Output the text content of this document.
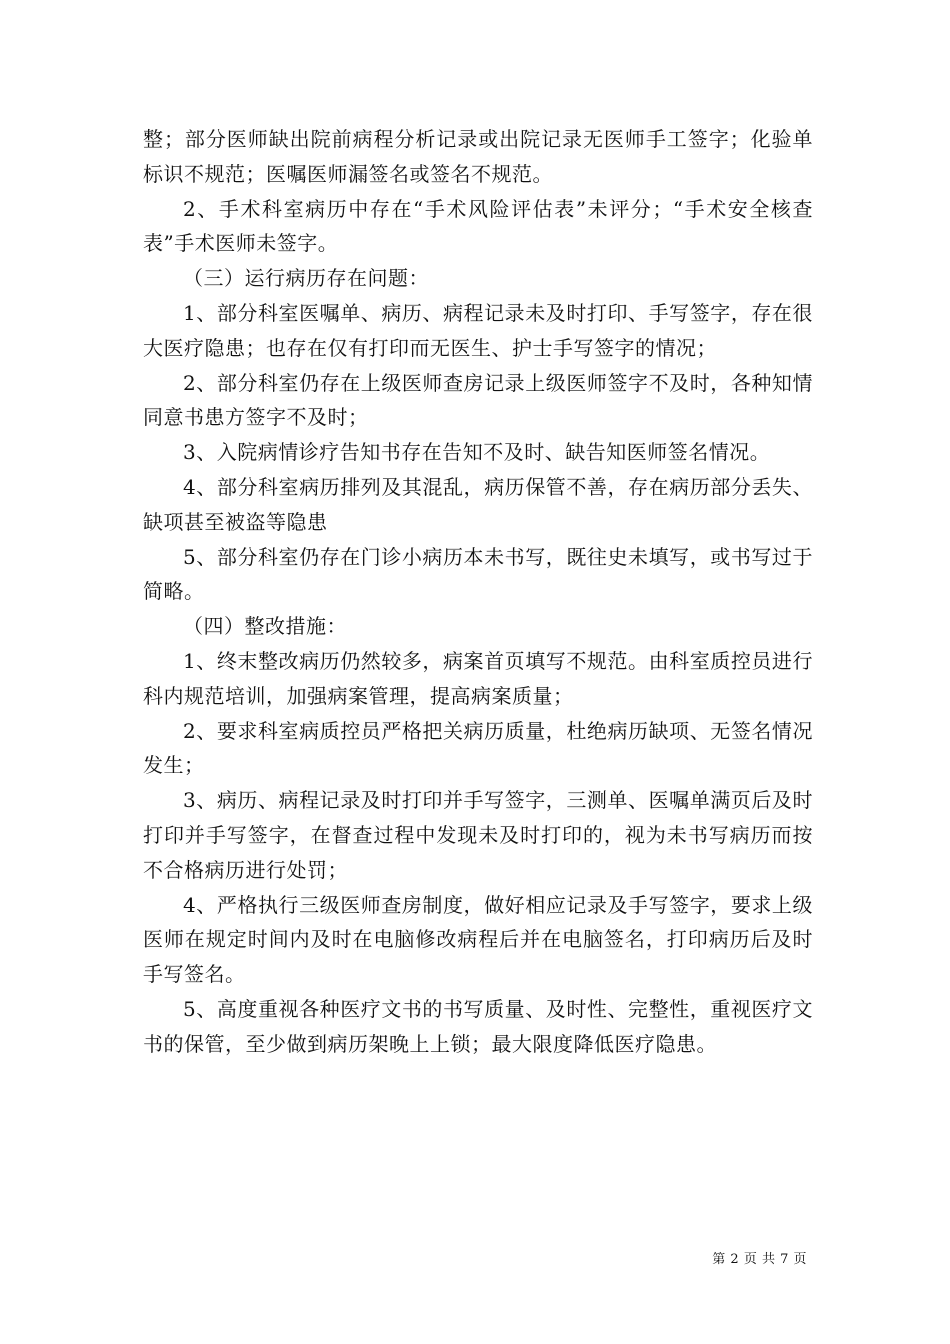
整；部分医师缺出院前病程分析记录或出院记录无医师手工签字；化验单标识不规范；医嘱医师漏签名或签名不规范。

2、手术科室病历中存在“手术风险评估表”未评分；“手术安全核查表”手术医师未签字。

（三）运行病历存在问题：

1、部分科室医嘱单、病历、病程记录未及时打印、手写签字，存在很大医疗隐患；也存在仅有打印而无医生、护士手写签字的情况；

2、部分科室仍存在上级医师查房记录上级医师签字不及时，各种知情同意书患方签字不及时；

3、入院病情诊疗告知书存在告知不及时、缺告知医师签名情况。

4、部分科室病历排列及其混乱，病历保管不善，存在病历部分丢失、缺项甚至被盗等隐患

5、部分科室仍存在门诊小病历本未书写，既往史未填写，或书写过于简略。

（四）整改措施：

1、终末整改病历仍然较多，病案首页填写不规范。由科室质控员进行科内规范培训，加强病案管理，提高病案质量；

2、要求科室病质控员严格把关病历质量，杜绝病历缺项、无签名情况发生；

3、病历、病程记录及时打印并手写签字，三测单、医嘱单满页后及时打印并手写签字，在督查过程中发现未及时打印的，视为未书写病历而按不合格病历进行处罚；

4、严格执行三级医师查房制度，做好相应记录及手写签字，要求上级医师在规定时间内及时在电脑修改病程后并在电脑签名，打印病历后及时手写签名。

5、高度重视各种医疗文书的书写质量、及时性、完整性，重视医疗文书的保管，至少做到病历架晚上上锁；最大限度降低医疗隐患。

第 2 页 共 7 页
